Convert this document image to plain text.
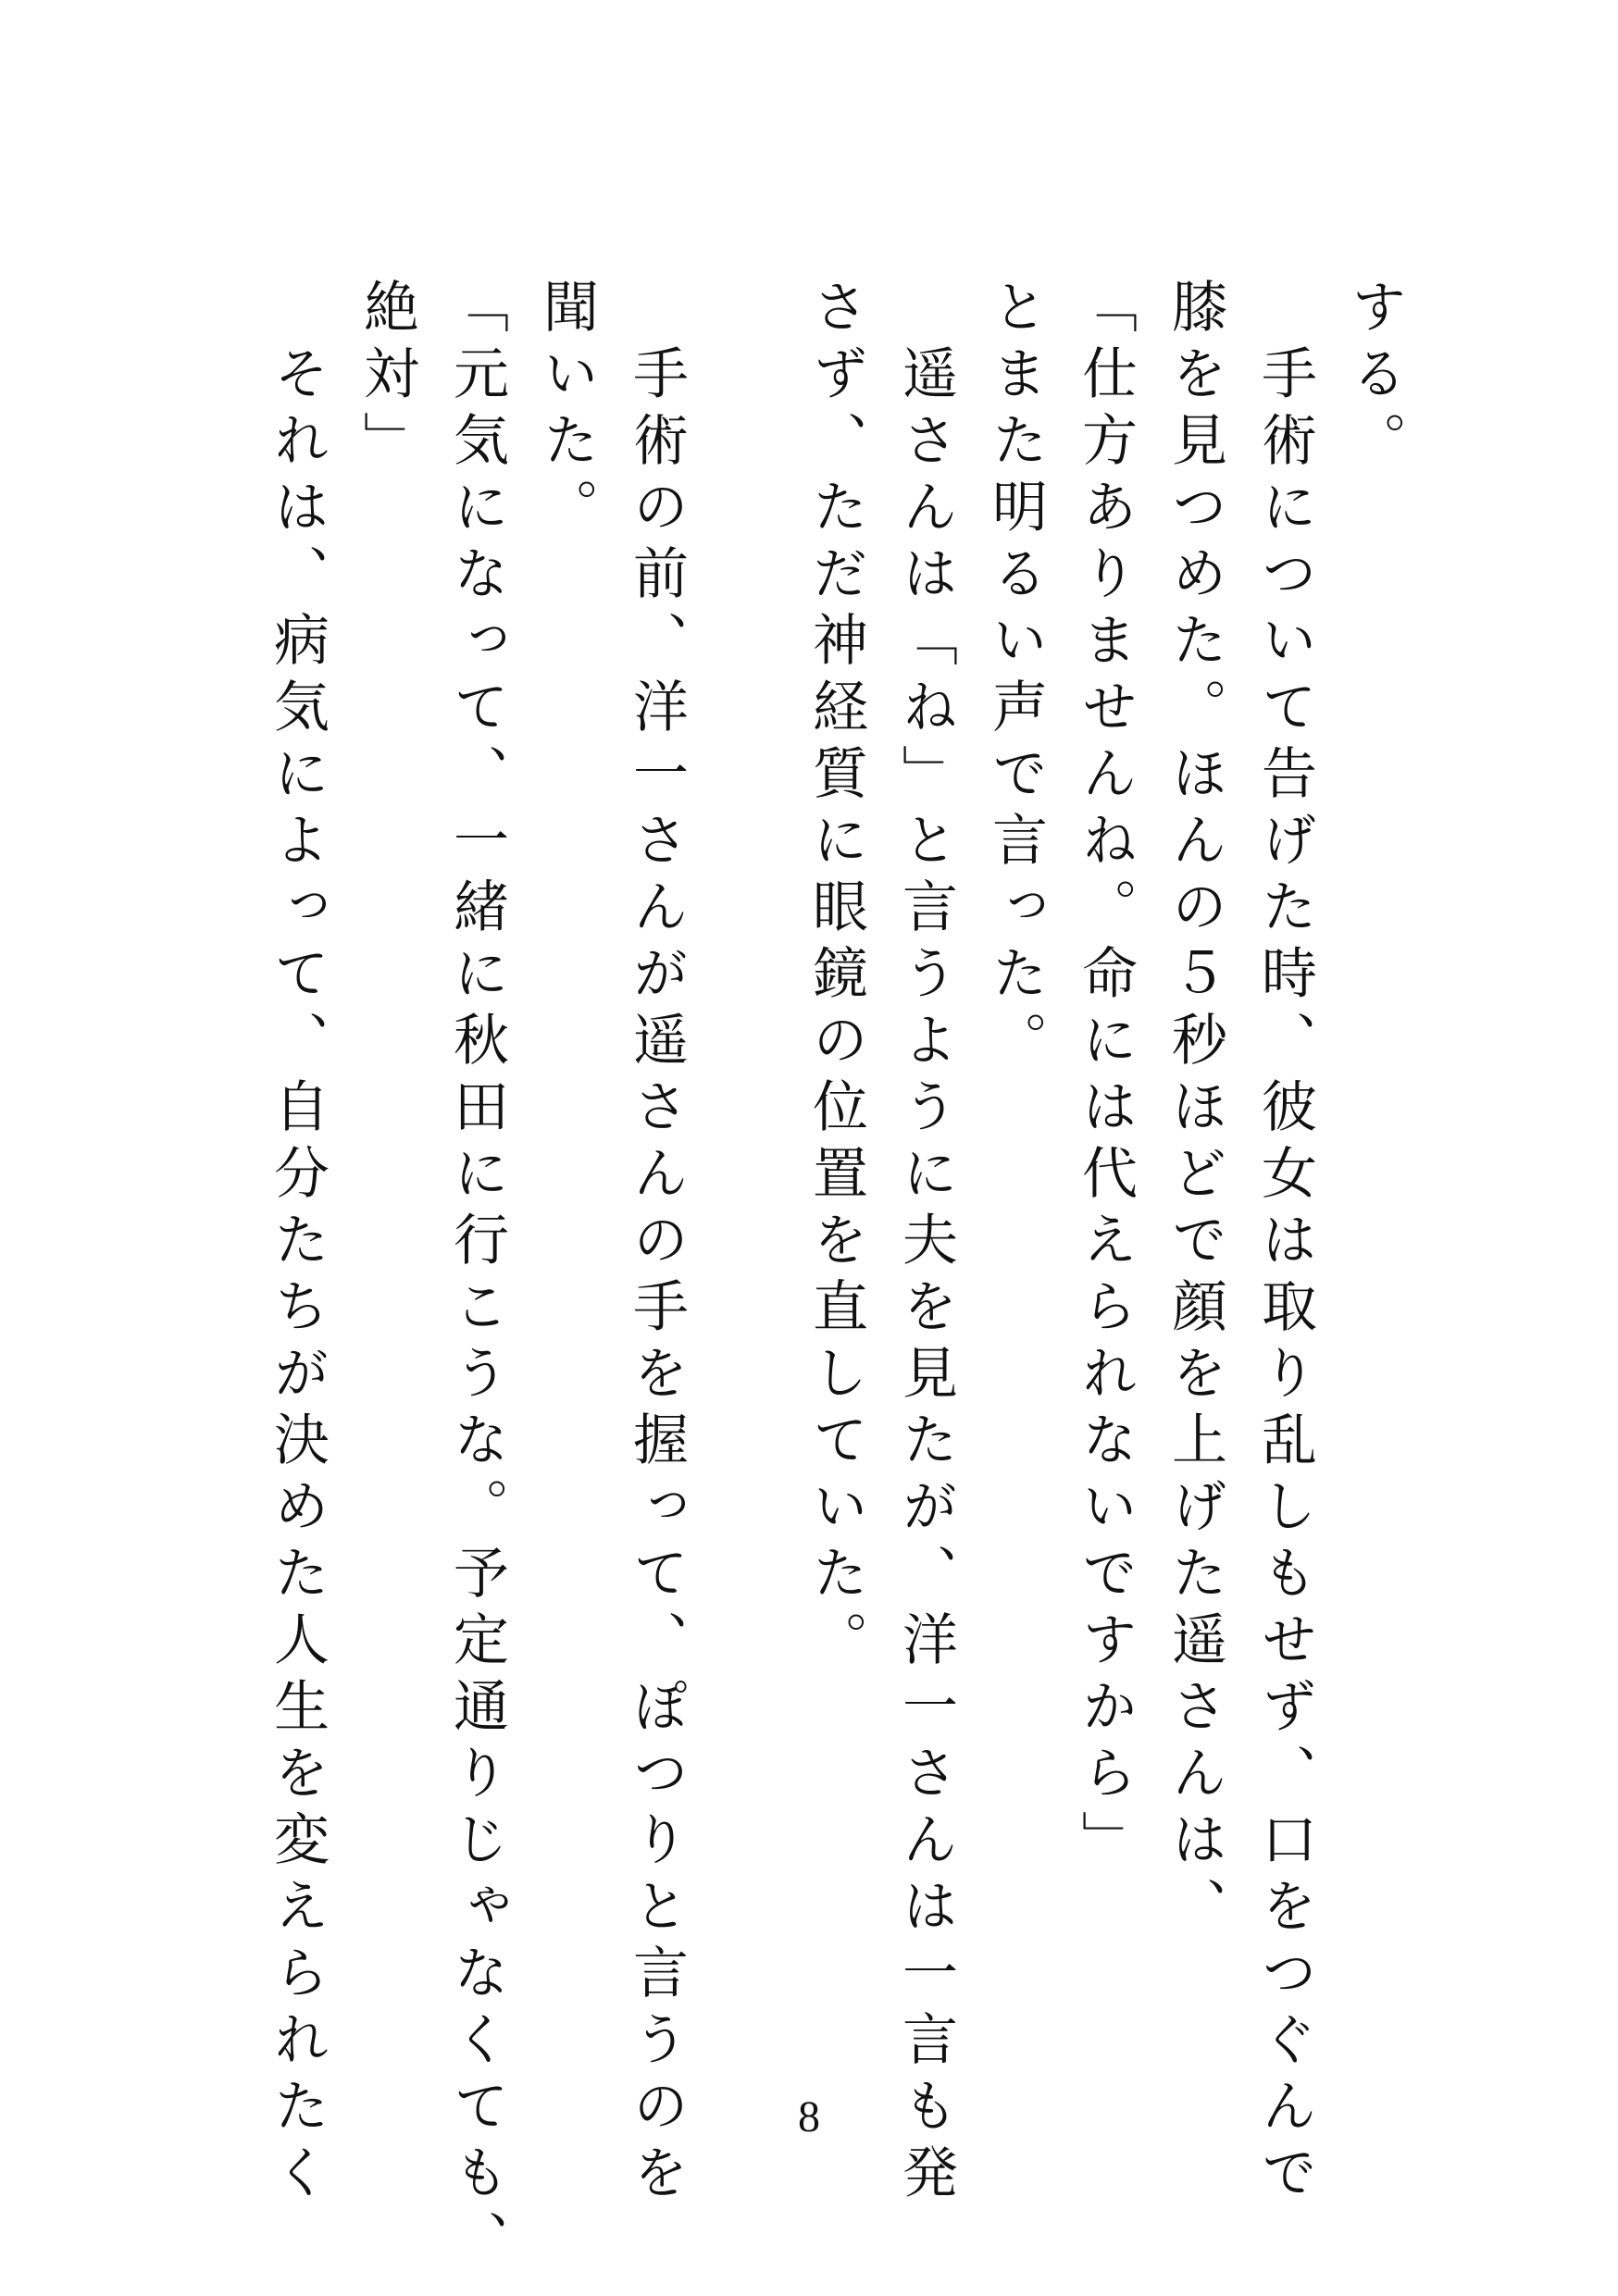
する。
　手術について告げた時、彼女は取り乱しもせず、口をつぐんで
膝を見つめた。ほんの５秒ほどで顔を上げた遥さんは、
「仕方ありませんね。命には代えられないですから」
とまた明るい声で言った。
　遥さんは「ね」と言うように夫を見たが、洋一さんは一言も発
さず、ただ神経質に眼鏡の位置を直していた。
　手術の前、洋一さんが遥さんの手を握って、ぽつりと言うのを
聞いた。
「元気になって、一緒に秋田に行こうな。予定通りじゃなくても、
絶対」
　それは、病気によって、自分たちが決めた人生を変えられたく	8
